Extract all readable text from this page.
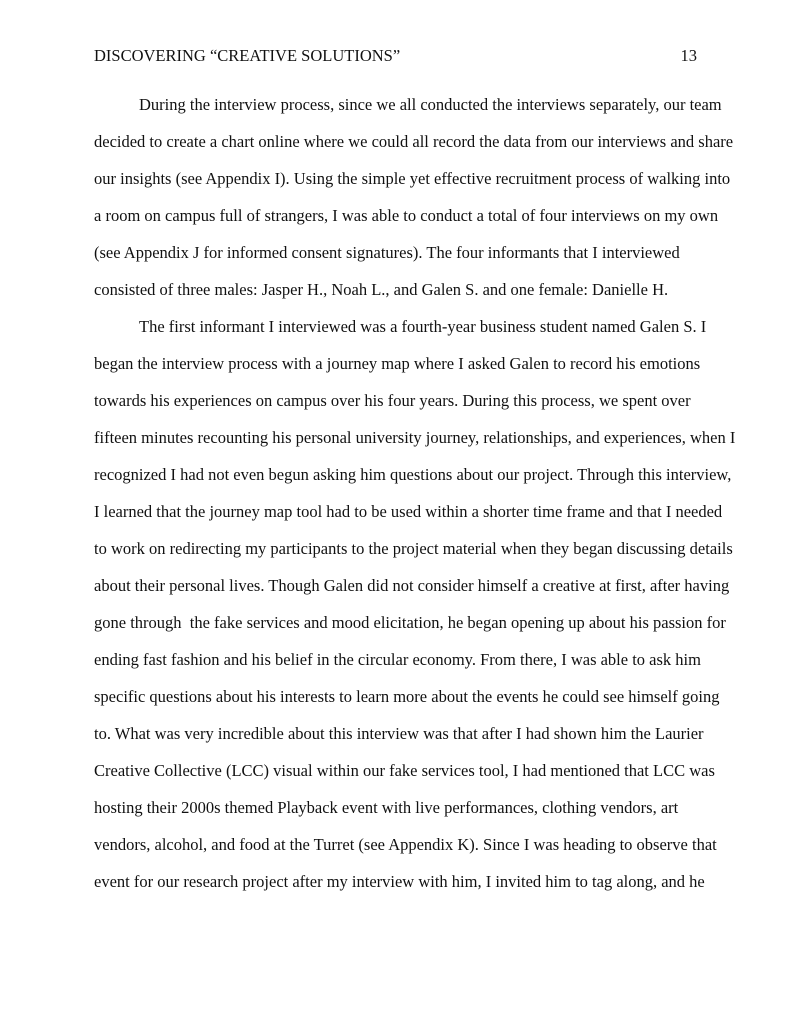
DISCOVERING “CREATIVE SOLUTIONS”	13
During the interview process, since we all conducted the interviews separately, our team
decided to create a chart online where we could all record the data from our interviews and share
our insights (see Appendix I). Using the simple yet effective recruitment process of walking into
a room on campus full of strangers, I was able to conduct a total of four interviews on my own
(see Appendix J for informed consent signatures). The four informants that I interviewed
consisted of three males: Jasper H., Noah L., and Galen S. and one female: Danielle H.
The first informant I interviewed was a fourth-year business student named Galen S. I
began the interview process with a journey map where I asked Galen to record his emotions
towards his experiences on campus over his four years. During this process, we spent over
fifteen minutes recounting his personal university journey, relationships, and experiences, when I
recognized I had not even begun asking him questions about our project. Through this interview,
I learned that the journey map tool had to be used within a shorter time frame and that I needed
to work on redirecting my participants to the project material when they began discussing details
about their personal lives. Though Galen did not consider himself a creative at first, after having
gone through  the fake services and mood elicitation, he began opening up about his passion for
ending fast fashion and his belief in the circular economy. From there, I was able to ask him
specific questions about his interests to learn more about the events he could see himself going
to. What was very incredible about this interview was that after I had shown him the Laurier
Creative Collective (LCC) visual within our fake services tool, I had mentioned that LCC was
hosting their 2000s themed Playback event with live performances, clothing vendors, art
vendors, alcohol, and food at the Turret (see Appendix K). Since I was heading to observe that
event for our research project after my interview with him, I invited him to tag along, and he
